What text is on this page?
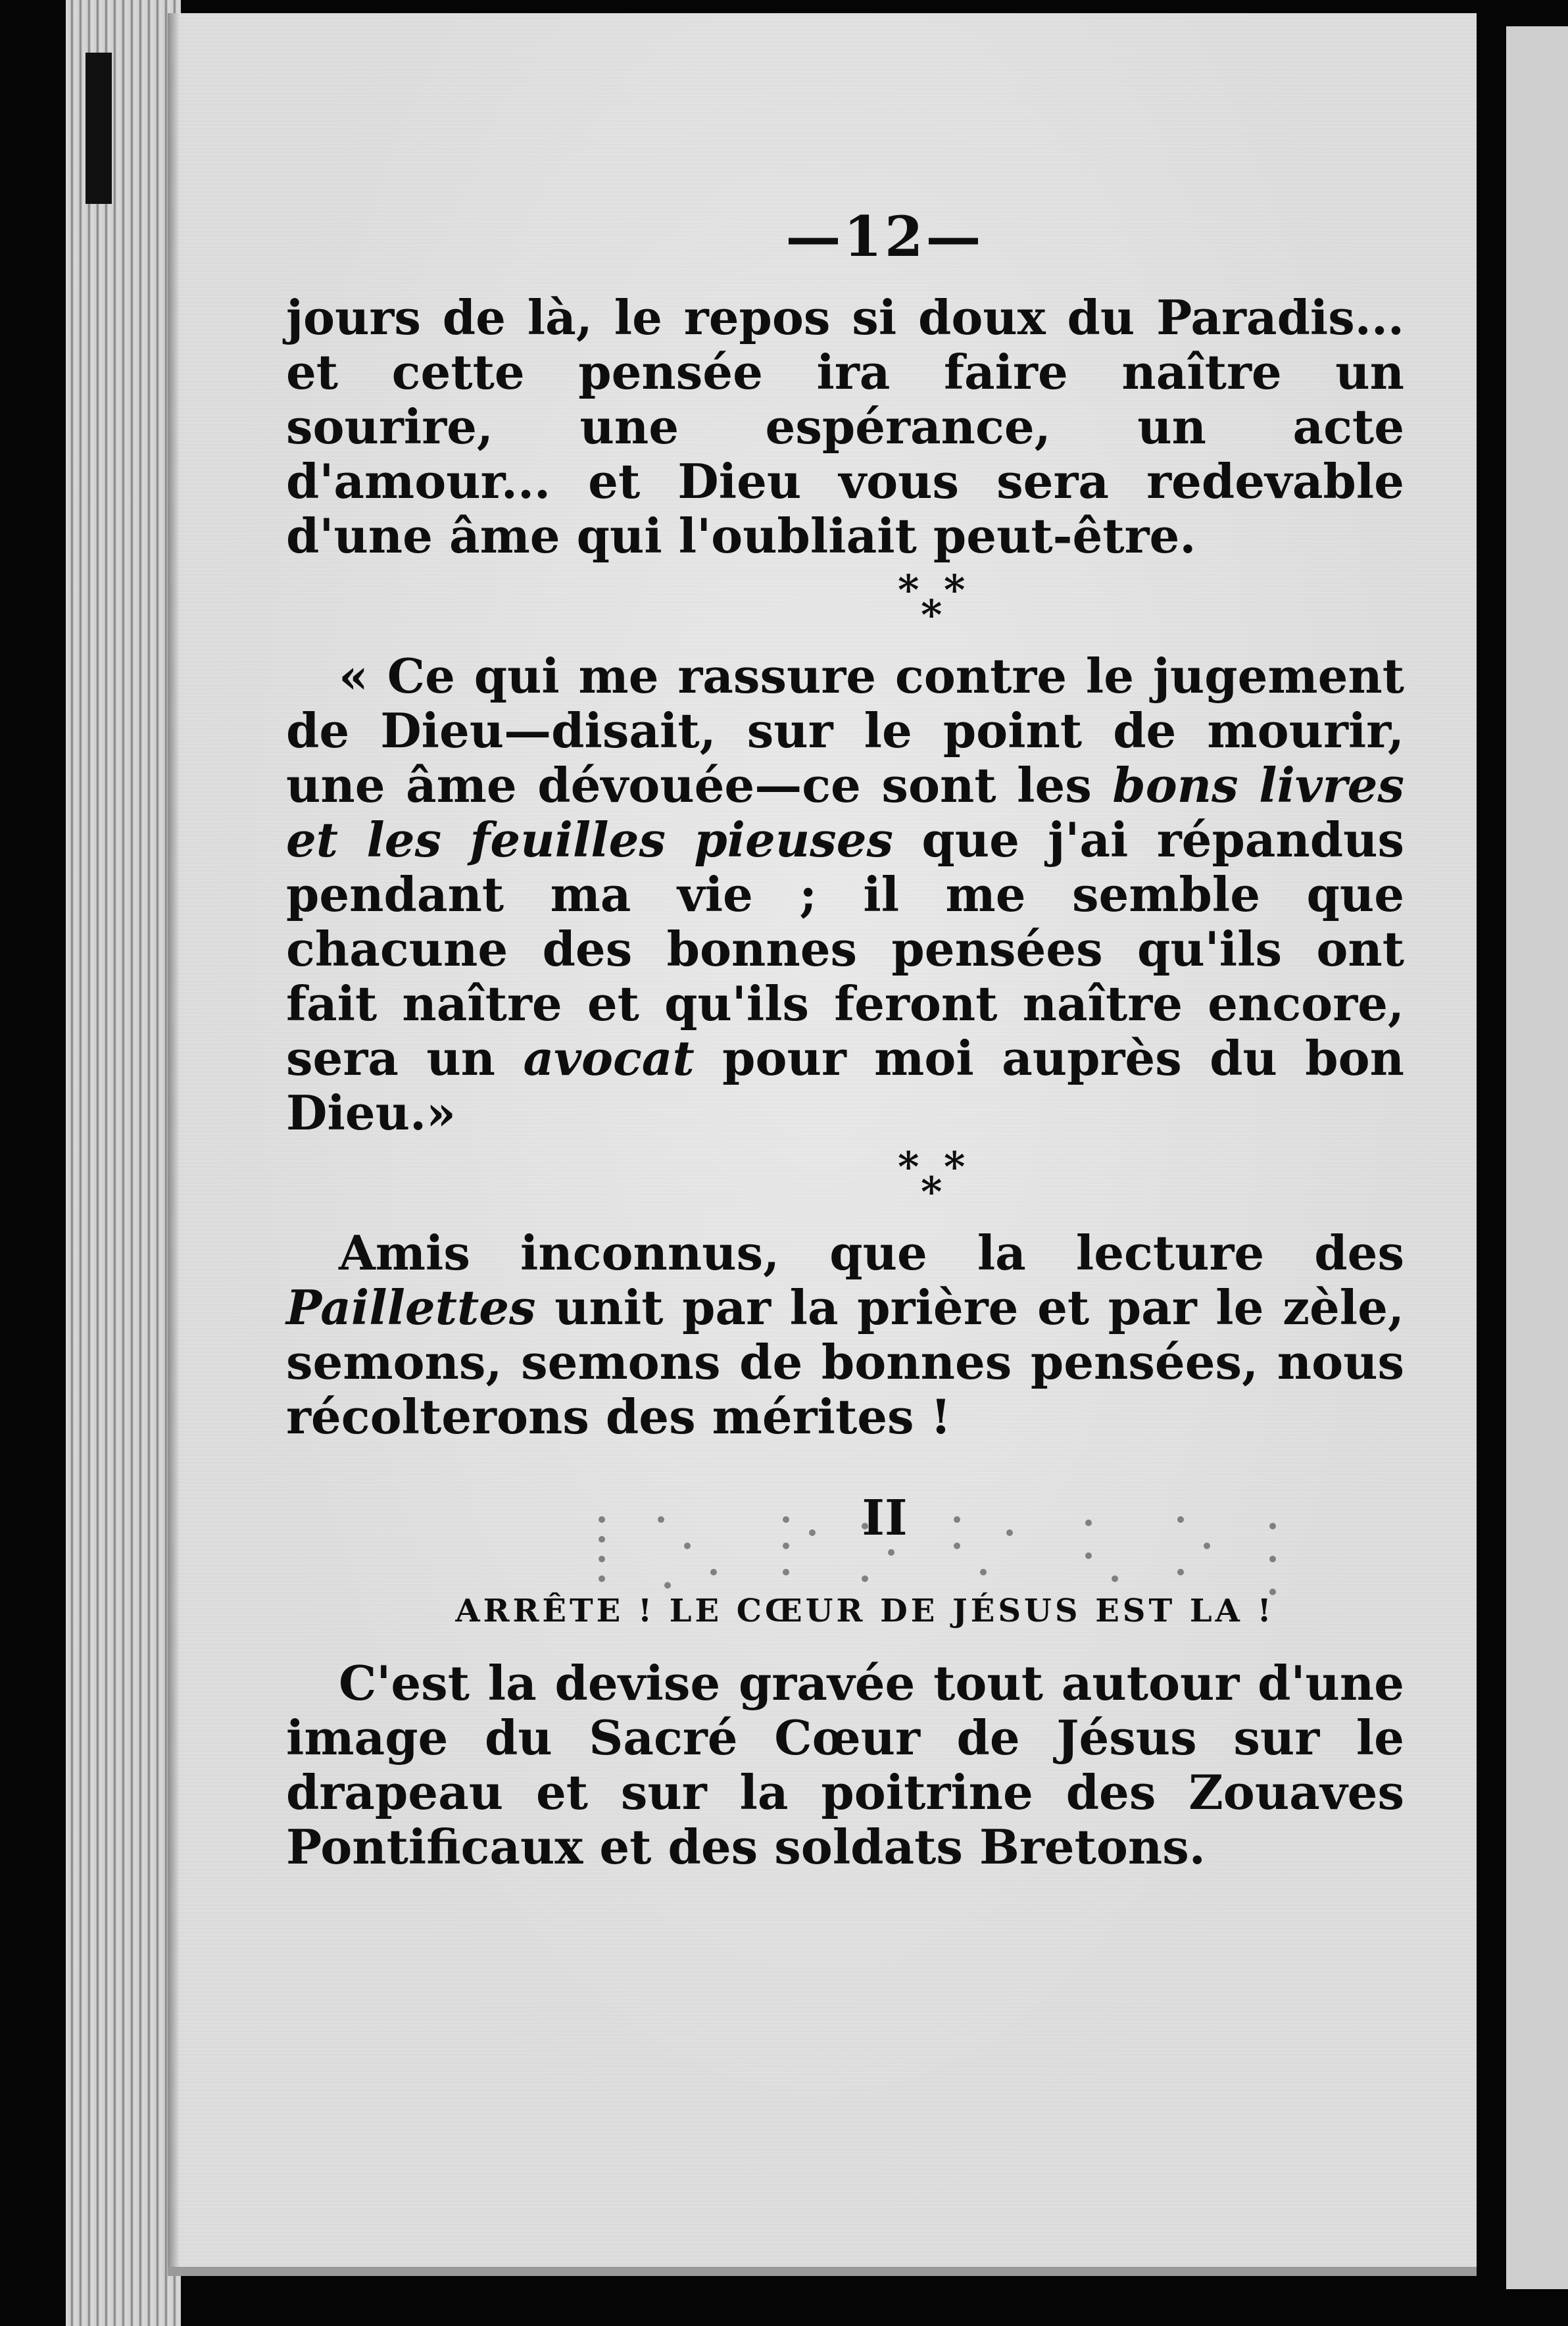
—12—
jours de là, le repos si doux du Paradis... et cette pensée ira faire naître un sourire, une espérance, un acte d'amour... et Dieu vous sera redevable d'une âme qui l'oubliait peut-être.
* *
*
« Ce qui me rassure contre le jugement de Dieu—disait, sur le point de mourir, une âme dévouée—ce sont les bons livres et les feuilles pieuses que j'ai répandus pendant ma vie ; il me semble que chacune des bonnes pensées qu'ils ont fait naître et qu'ils feront naître encore, sera un avocat pour moi auprès du bon Dieu.»
* *
*
Amis inconnus, que la lecture des Paillettes unit par la prière et par le zèle, semons, semons de bonnes pensées, nous récolterons des mérites !
II
ARRÊTE ! LE CŒUR DE JÉSUS EST LA !
C'est la devise gravée tout autour d'une image du Sacré Cœur de Jésus sur le drapeau et sur la poitrine des Zouaves Pontificaux et des soldats Bretons.
